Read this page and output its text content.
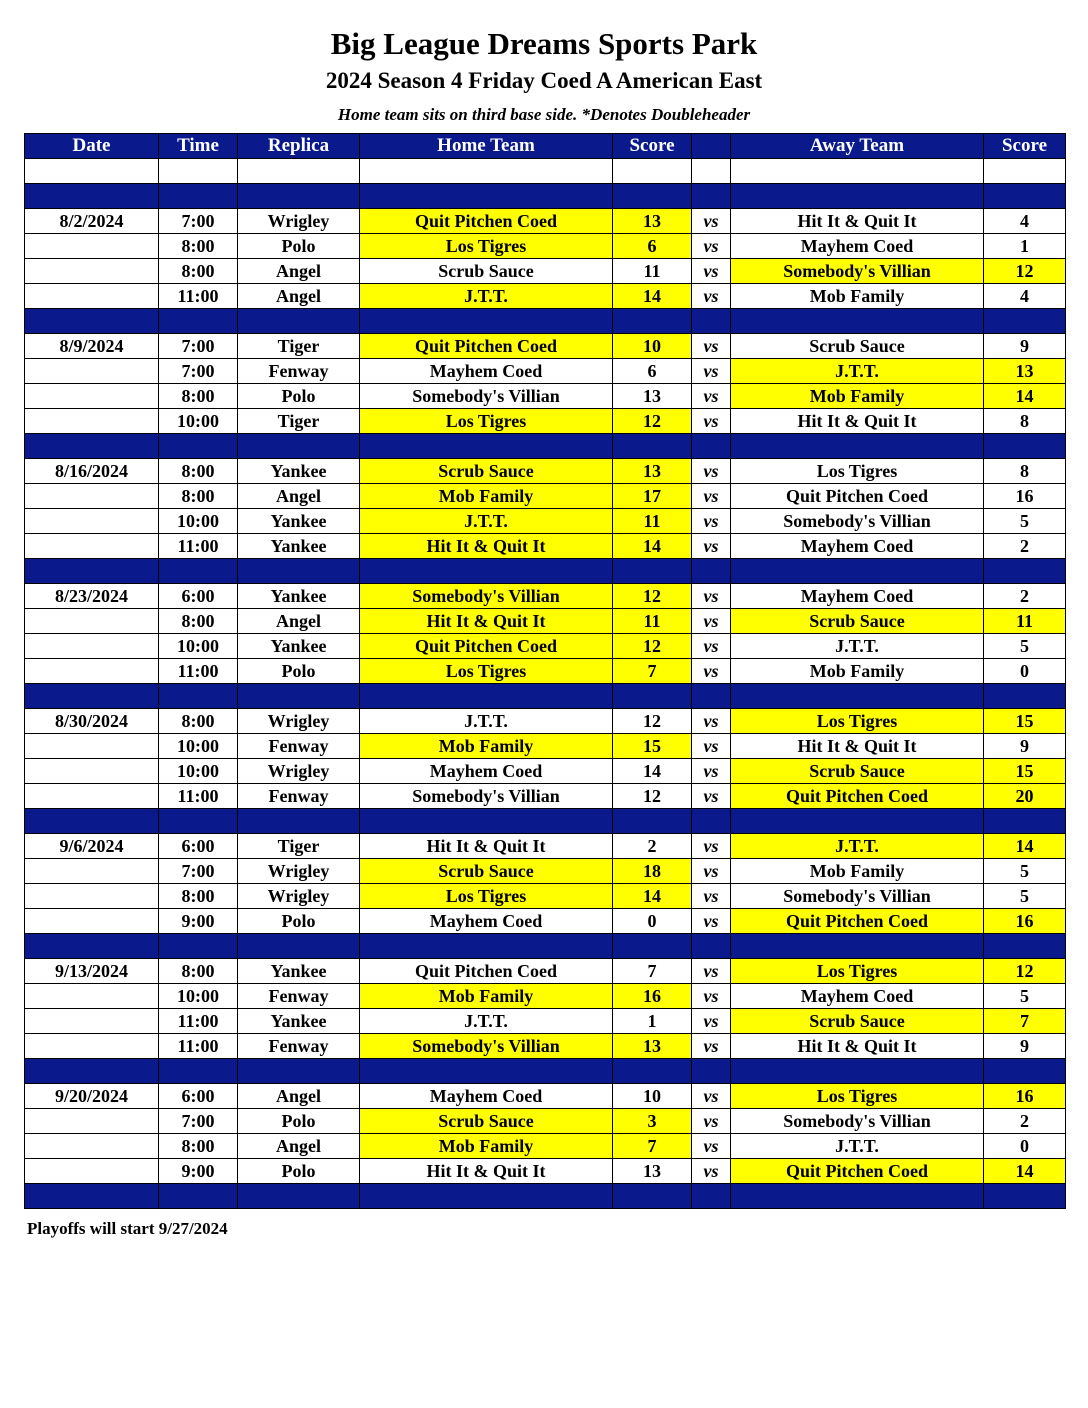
Big League Dreams Sports Park
2024 Season 4 Friday Coed A American East
Home team sits on third base side. *Denotes Doubleheader
Date	Time	Replica	Home Team	Score		Away Team	Score

8/2/2024	7:00	Wrigley	Quit Pitchen Coed	13	vs	Hit It & Quit It	4
	8:00	Polo	Los Tigres	6	vs	Mayhem Coed	1
	8:00	Angel	Scrub Sauce	11	vs	Somebody's Villian	12
	11:00	Angel	J.T.T.	14	vs	Mob Family	4

8/9/2024	7:00	Tiger	Quit Pitchen Coed	10	vs	Scrub Sauce	9
	7:00	Fenway	Mayhem Coed	6	vs	J.T.T.	13
	8:00	Polo	Somebody's Villian	13	vs	Mob Family	14
	10:00	Tiger	Los Tigres	12	vs	Hit It & Quit It	8

8/16/2024	8:00	Yankee	Scrub Sauce	13	vs	Los Tigres	8
	8:00	Angel	Mob Family	17	vs	Quit Pitchen Coed	16
	10:00	Yankee	J.T.T.	11	vs	Somebody's Villian	5
	11:00	Yankee	Hit It & Quit It	14	vs	Mayhem Coed	2

8/23/2024	6:00	Yankee	Somebody's Villian	12	vs	Mayhem Coed	2
	8:00	Angel	Hit It & Quit It	11	vs	Scrub Sauce	11
	10:00	Yankee	Quit Pitchen Coed	12	vs	J.T.T.	5
	11:00	Polo	Los Tigres	7	vs	Mob Family	0

8/30/2024	8:00	Wrigley	J.T.T.	12	vs	Los Tigres	15
	10:00	Fenway	Mob Family	15	vs	Hit It & Quit It	9
	10:00	Wrigley	Mayhem Coed	14	vs	Scrub Sauce	15
	11:00	Fenway	Somebody's Villian	12	vs	Quit Pitchen Coed	20

9/6/2024	6:00	Tiger	Hit It & Quit It	2	vs	J.T.T.	14
	7:00	Wrigley	Scrub Sauce	18	vs	Mob Family	5
	8:00	Wrigley	Los Tigres	14	vs	Somebody's Villian	5
	9:00	Polo	Mayhem Coed	0	vs	Quit Pitchen Coed	16

9/13/2024	8:00	Yankee	Quit Pitchen Coed	7	vs	Los Tigres	12
	10:00	Fenway	Mob Family	16	vs	Mayhem Coed	5
	11:00	Yankee	J.T.T.	1	vs	Scrub Sauce	7
	11:00	Fenway	Somebody's Villian	13	vs	Hit It & Quit It	9

9/20/2024	6:00	Angel	Mayhem Coed	10	vs	Los Tigres	16
	7:00	Polo	Scrub Sauce	3	vs	Somebody's Villian	2
	8:00	Angel	Mob Family	7	vs	J.T.T.	0
	9:00	Polo	Hit It & Quit It	13	vs	Quit Pitchen Coed	14

Playoffs will start 9/27/2024
